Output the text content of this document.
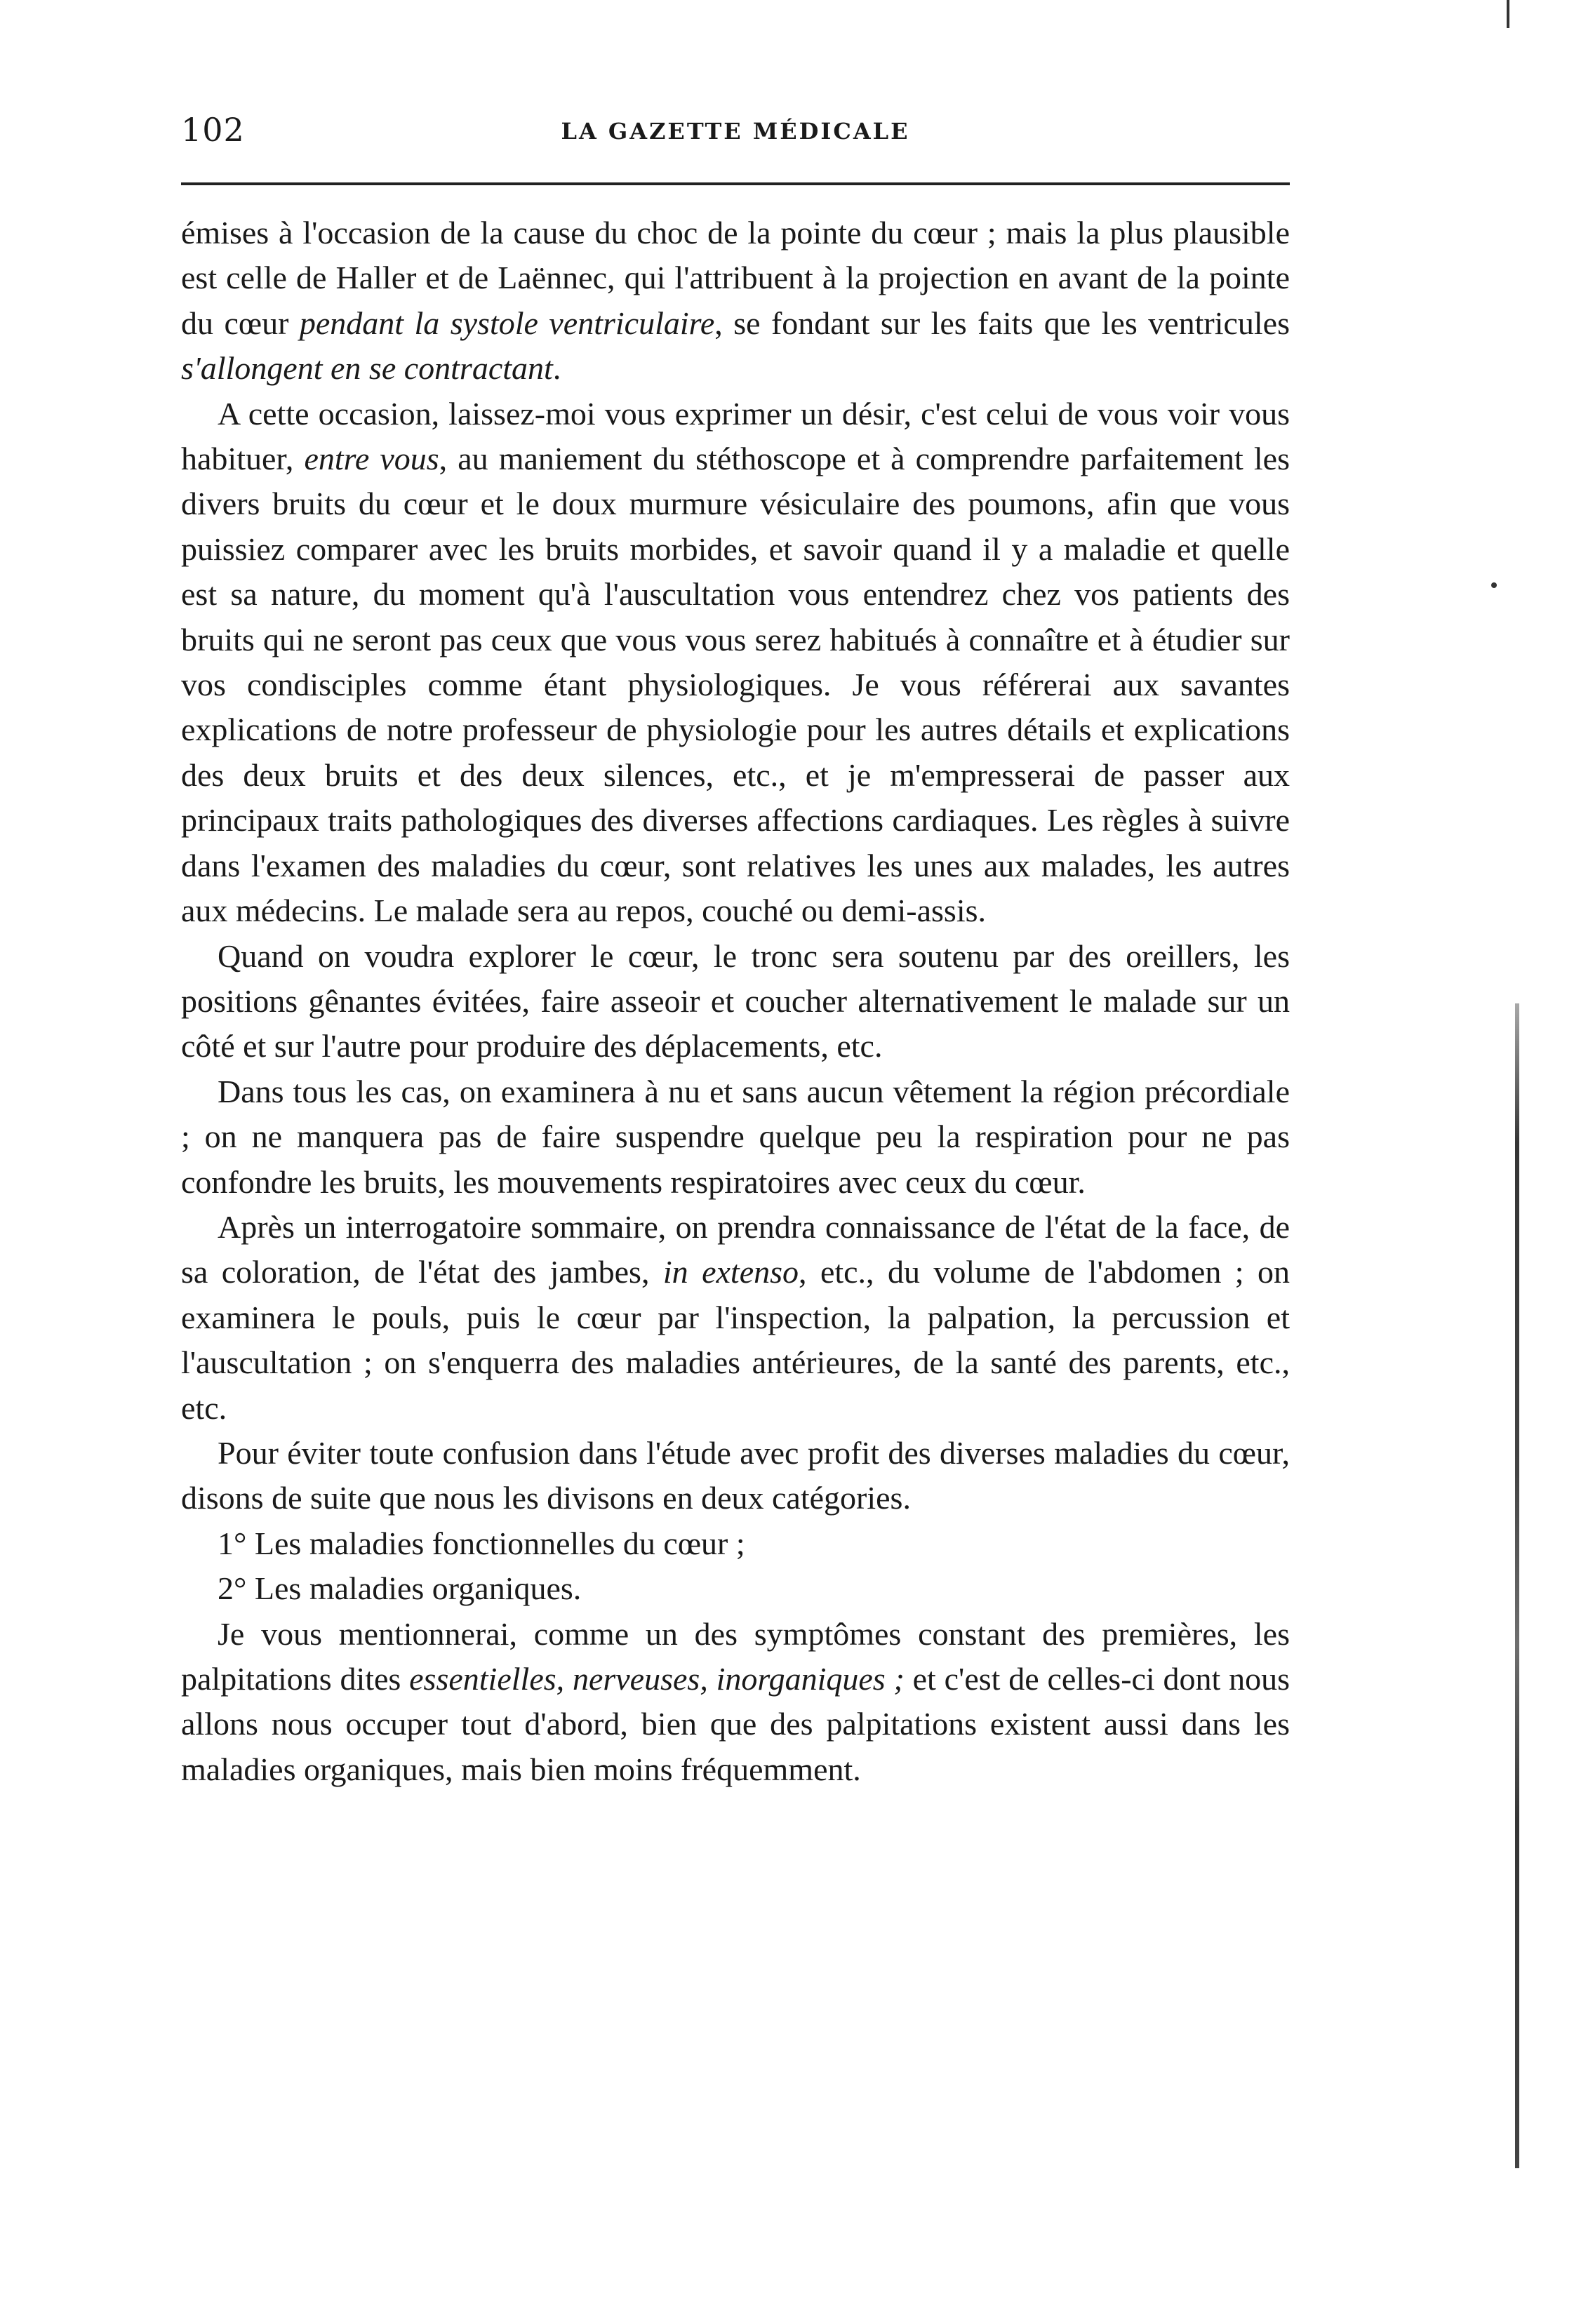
102	LA GAZETTE MÉDICALE

émises à l'occasion de la cause du choc de la pointe du cœur ; mais la plus plausible est celle de Haller et de Laënnec, qui l'attribuent à la projection en avant de la pointe du cœur pendant la systole ventriculaire, se fondant sur les faits que les ventricules s'allongent en se contractant.

A cette occasion, laissez-moi vous exprimer un désir, c'est celui de vous voir vous habituer, entre vous, au maniement du stéthoscope et à comprendre parfaitement les divers bruits du cœur et le doux murmure vésiculaire des poumons, afin que vous puissiez comparer avec les bruits morbides, et savoir quand il y a maladie et quelle est sa nature, du moment qu'à l'auscultation vous entendrez chez vos patients des bruits qui ne seront pas ceux que vous vous serez habitués à connaître et à étudier sur vos condisciples comme étant physiologiques. Je vous référerai aux savantes explications de notre professeur de physiologie pour les autres détails et explications des deux bruits et des deux silences, etc., et je m'empresserai de passer aux principaux traits pathologiques des diverses affections cardiaques. Les règles à suivre dans l'examen des maladies du cœur, sont relatives les unes aux malades, les autres aux médecins. Le malade sera au repos, couché ou demi-assis.

Quand on voudra explorer le cœur, le tronc sera soutenu par des oreillers, les positions gênantes évitées, faire asseoir et coucher alternativement le malade sur un côté et sur l'autre pour produire des déplacements, etc.

Dans tous les cas, on examinera à nu et sans aucun vêtement la région précordiale ; on ne manquera pas de faire suspendre quelque peu la respiration pour ne pas confondre les bruits, les mouvements respiratoires avec ceux du cœur.

Après un interrogatoire sommaire, on prendra connaissance de l'état de la face, de sa coloration, de l'état des jambes, in extenso, etc., du volume de l'abdomen ; on examinera le pouls, puis le cœur par l'inspection, la palpation, la percussion et l'auscultation ; on s'enquerra des maladies antérieures, de la santé des parents, etc., etc.

Pour éviter toute confusion dans l'étude avec profit des diverses maladies du cœur, disons de suite que nous les divisons en deux catégories.

1° Les maladies fonctionnelles du cœur ;

2° Les maladies organiques.

Je vous mentionnerai, comme un des symptômes constant des premières, les palpitations dites essentielles, nerveuses, inorganiques ; et c'est de celles-ci dont nous allons nous occuper tout d'abord, bien que des palpitations existent aussi dans les maladies organiques, mais bien moins fréquemment.
